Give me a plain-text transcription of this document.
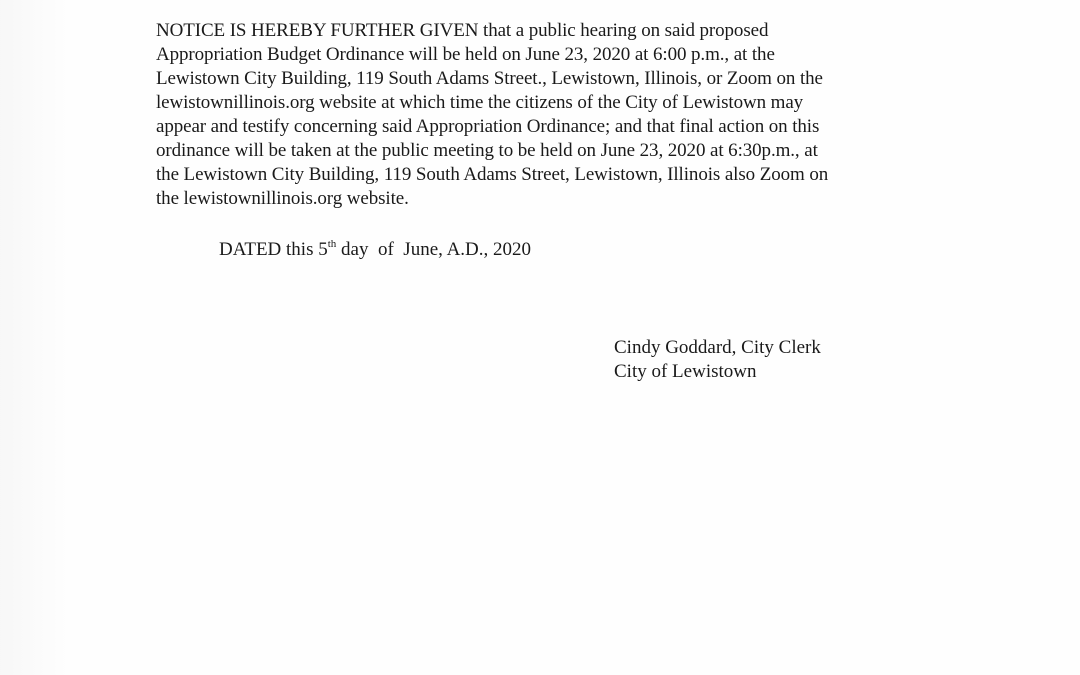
NOTICE IS HEREBY FURTHER GIVEN that a public hearing on said proposed
Appropriation Budget Ordinance will be held on June 23, 2020 at 6:00 p.m., at the
Lewistown City Building, 119 South Adams Street., Lewistown, Illinois, or Zoom on the
lewistownillinois.org website at which time the citizens of the City of Lewistown may
appear and testify concerning said Appropriation Ordinance; and that final action on this
ordinance will be taken at the public meeting to be held on June 23, 2020 at 6:30p.m., at
the Lewistown City Building, 119 South Adams Street, Lewistown, Illinois also Zoom on
the lewistownillinois.org website.
DATED this 5th day  of  June, A.D., 2020
Cindy Goddard, City Clerk
City of Lewistown
